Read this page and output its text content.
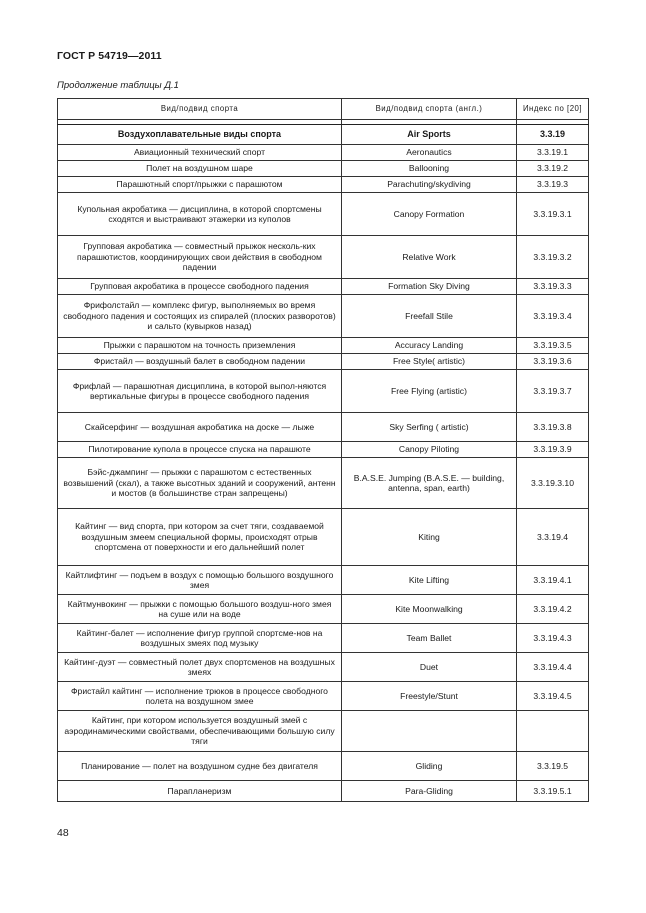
ГОСТ Р 54719—2011
Продолжение таблицы Д.1
Вид/подвид спорта	Вид/подвид спорта (англ.)	Индекс по [20]

Воздухоплавательные виды спорта	Air Sports	3.3.19
Авиационный технический спорт	Aeronautics	3.3.19.1
Полет на воздушном шаре	Ballooning	3.3.19.2
Парашютный спорт/прыжки с парашютом	Parachuting/skydiving	3.3.19.3
Купольная акробатика — дисциплина, в которой спортсмены сходятся и выстраивают этажерки из куполов	Canopy Formation	3.3.19.3.1
Групповая акробатика — совместный прыжок несколь-ких парашютистов, координирующих свои действия в свободном падении	Relative Work	3.3.19.3.2
Групповая акробатика в процессе свободного падения	Formation Sky Diving	3.3.19.3.3
Фрифолстайл — комплекс фигур, выполняемых во время свободного падения и состоящих из спиралей (плоских разворотов) и сальто (кувырков назад)	Freefall Stile	3.3.19.3.4
Прыжки с парашютом на точность приземления	Accuracy Landing	3.3.19.3.5
Фристайл — воздушный балет в свободном падении	Free Style( artistic)	3.3.19.3.6
Фрифлай — парашютная дисциплина, в которой выпол-няются вертикальные фигуры в процессе свободного падения	Free Flying (artistic)	3.3.19.3.7
Скайсерфинг — воздушная акробатика на доске — лыже	Sky Serfing ( artistic)	3.3.19.3.8
Пилотирование купола в процессе спуска на парашюте	Canopy Piloting	3.3.19.3.9
Бэйс-джампинг — прыжки с парашютом с естественных возвышений (скал), а также высотных зданий и сооружений, антенн и мостов (в большинстве стран запрещены)	B.A.S.E. Jumping (B.A.S.E. — building, antenna, span, earth)	3.3.19.3.10
Кайтинг — вид спорта, при котором за счет тяги, создаваемой воздушным змеем специальной формы, происходят отрыв спортсмена от поверхности и его дальнейший полет	Kiting	3.3.19.4
Кайтлифтинг — подъем в воздух с помощью большого воздушного змея	Kite Lifting	3.3.19.4.1
Кайтмунвокинг — прыжки с помощью большого воздуш-ного змея на суше или на воде	Kite Moonwalking	3.3.19.4.2
Кайтинг-балет — исполнение фигур группой спортсме-нов на воздушных змеях под музыку	Team Ballet	3.3.19.4.3
Кайтинг-дуэт — совместный полет двух спортсменов на воздушных змеях	Duet	3.3.19.4.4
Фристайл кайтинг — исполнение трюков в процессе свободного полета на воздушном змее	Freestyle/Stunt	3.3.19.4.5
Кайтинг, при котором используется воздушный змей с аэродинамическими свойствами, обеспечивающими большую силу тяги		
Планирование — полет на воздушном судне без двигателя	Gliding	3.3.19.5
Парапланеризм	Para-Gliding	3.3.19.5.1
48
